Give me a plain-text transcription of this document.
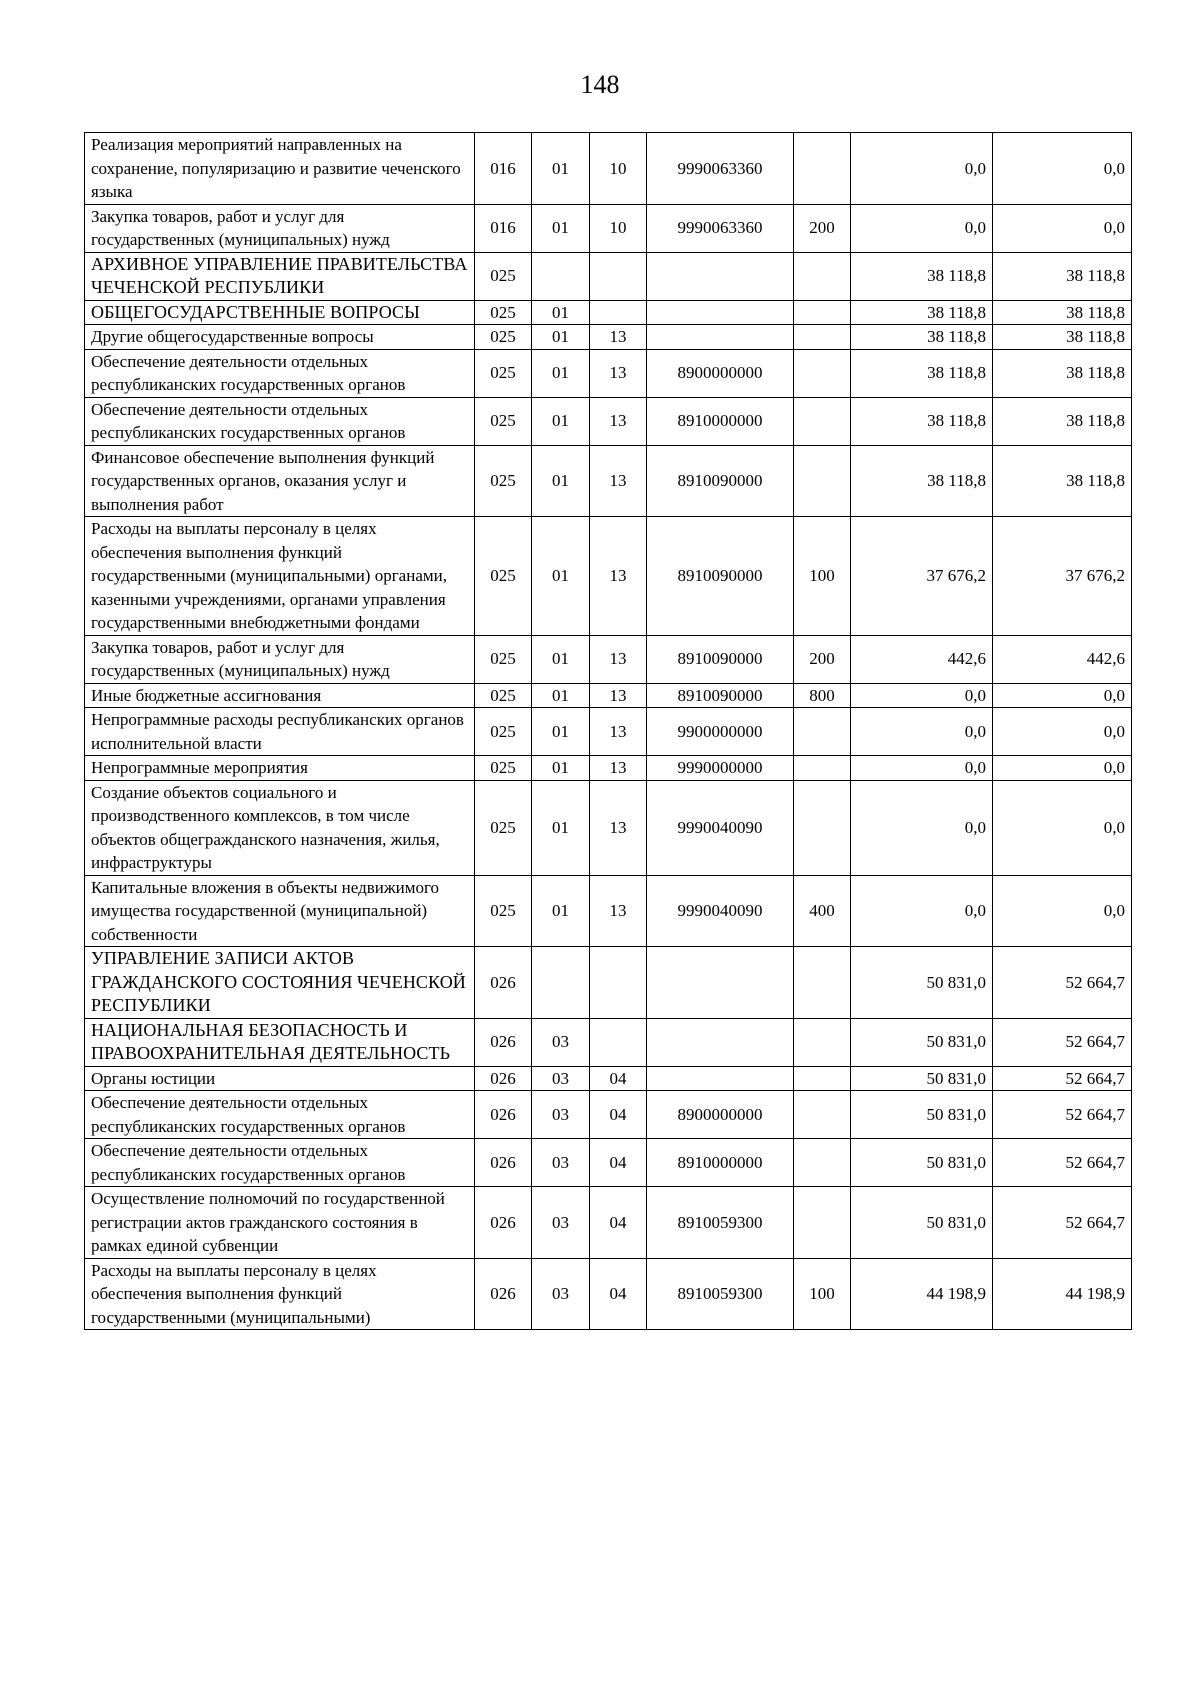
148
Реализация мероприятий направленных на сохранение, популяризацию и развитие чеченского языка	016	01	10	9990063360		0,0	0,0
Закупка товаров, работ и услуг для государственных (муниципальных) нужд	016	01	10	9990063360	200	0,0	0,0
АРХИВНОЕ УПРАВЛЕНИЕ ПРАВИТЕЛЬСТВА ЧЕЧЕНСКОЙ РЕСПУБЛИКИ	025					38 118,8	38 118,8
ОБЩЕГОСУДАРСТВЕННЫЕ ВОПРОСЫ	025	01				38 118,8	38 118,8
Другие общегосударственные вопросы	025	01	13			38 118,8	38 118,8
Обеспечение деятельности отдельных республиканских государственных органов	025	01	13	8900000000		38 118,8	38 118,8
Обеспечение деятельности отдельных республиканских государственных органов	025	01	13	8910000000		38 118,8	38 118,8
Финансовое обеспечение выполнения функций государственных органов, оказания услуг и выполнения работ	025	01	13	8910090000		38 118,8	38 118,8
Расходы на выплаты персоналу в целях обеспечения выполнения функций государственными (муниципальными) органами, казенными учреждениями, органами управления государственными внебюджетными фондами	025	01	13	8910090000	100	37 676,2	37 676,2
Закупка товаров, работ и услуг для государственных (муниципальных) нужд	025	01	13	8910090000	200	442,6	442,6
Иные бюджетные ассигнования	025	01	13	8910090000	800	0,0	0,0
Непрограммные расходы республиканских органов исполнительной власти	025	01	13	9900000000		0,0	0,0
Непрограммные мероприятия	025	01	13	9990000000		0,0	0,0
Создание объектов социального и производственного комплексов, в том числе объектов общегражданского назначения, жилья, инфраструктуры	025	01	13	9990040090		0,0	0,0
Капитальные вложения в объекты недвижимого имущества государственной (муниципальной) собственности	025	01	13	9990040090	400	0,0	0,0
УПРАВЛЕНИЕ ЗАПИСИ АКТОВ ГРАЖДАНСКОГО СОСТОЯНИЯ ЧЕЧЕНСКОЙ РЕСПУБЛИКИ	026					50 831,0	52 664,7
НАЦИОНАЛЬНАЯ БЕЗОПАСНОСТЬ И ПРАВООХРАНИТЕЛЬНАЯ ДЕЯТЕЛЬНОСТЬ	026	03				50 831,0	52 664,7
Органы юстиции	026	03	04			50 831,0	52 664,7
Обеспечение деятельности отдельных республиканских государственных органов	026	03	04	8900000000		50 831,0	52 664,7
Обеспечение деятельности отдельных республиканских государственных органов	026	03	04	8910000000		50 831,0	52 664,7
Осуществление полномочий по государственной регистрации актов гражданского состояния в рамках единой субвенции	026	03	04	8910059300		50 831,0	52 664,7
Расходы на выплаты персоналу в целях обеспечения выполнения функций государственными (муниципальными)	026	03	04	8910059300	100	44 198,9	44 198,9
